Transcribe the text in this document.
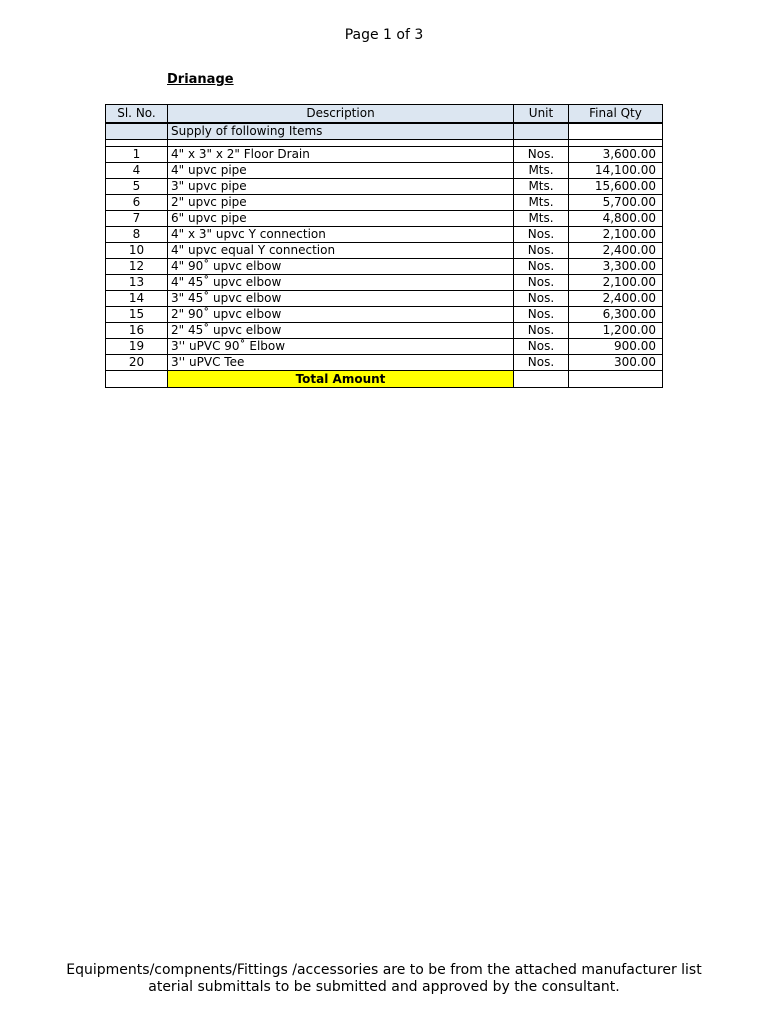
Page 1 of 3
Drianage
Sl. No.	Description	Unit	Final Qty
	Supply of following Items		

1	4" x 3" x 2" Floor Drain	Nos.	3,600.00
4	4" upvc pipe	Mts.	14,100.00
5	3" upvc pipe	Mts.	15,600.00
6	2" upvc pipe	Mts.	5,700.00
7	6" upvc pipe	Mts.	4,800.00
8	4" x 3" upvc Y connection	Nos.	2,100.00
10	4" upvc equal Y connection	Nos.	2,400.00
12	4" 90˚ upvc elbow	Nos.	3,300.00
13	4" 45˚ upvc elbow	Nos.	2,100.00
14	3" 45˚ upvc elbow	Nos.	2,400.00
15	2" 90˚ upvc elbow	Nos.	6,300.00
16	2" 45˚ upvc elbow	Nos.	1,200.00
19	3'' uPVC 90˚ Elbow	Nos.	900.00
20	3'' uPVC Tee	Nos.	300.00
	Total Amount		
Equipments/compnents/Fittings /accessories are to be from the attached manufacturer list
aterial submittals to be submitted and approved by the consultant.
